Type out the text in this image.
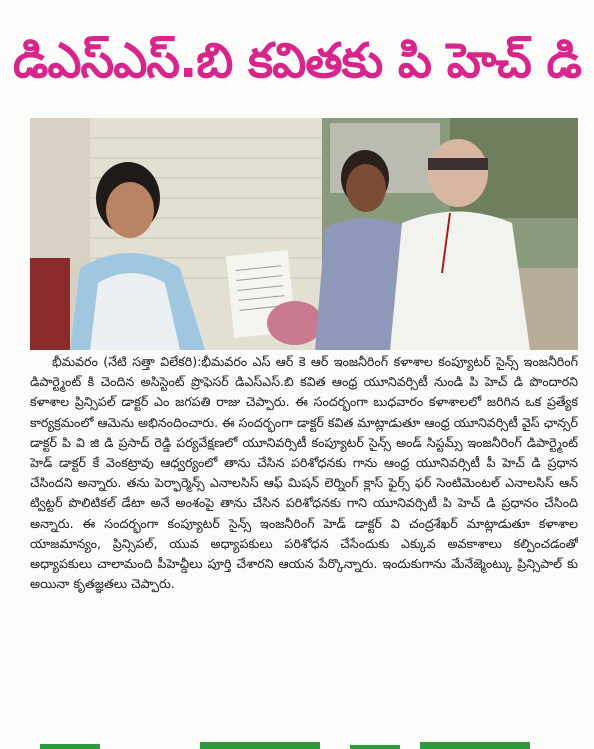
డిఎస్ఎస్.బి కవితకు పి హెచ్ డి

భీమవరం (నేటి సత్తా విలేకరి):భీమవరం ఎస్ ఆర్ కె ఆర్ ఇంజనీరింగ్ కళాశాల కంప్యూటర్ సైన్స్ ఇంజనీరింగ్ డిపార్ట్మెంట్ కి చెందిన అసిస్టెంట్ ప్రొఫెసర్ డిఎస్ఎస్.బి కవిత ఆంధ్ర యూనివర్సిటీ నుండి పి హెచ్ డి పొందారని కళాశాల ప్రిన్సిపల్ డాక్టర్ ఎం జగపతి రాజు చెప్పారు. ఈ సందర్భంగా బుధవారం కళాశాలలో జరిగిన ఒక ప్రత్యేక కార్యక్రమంలో ఆమెను అభినందించారు. ఈ సందర్భంగా డాక్టర్ కవిత మాట్లాడుతూ ఆంధ్ర యూనివర్సిటీ వైస్ ఛాన్సర్ డాక్టర్ పి వి జి డి ప్రసాద్ రెడ్డి పర్యవేక్షణలో యూనివర్సిటీ కంప్యూటర్ సైన్స్ అండ్ సిస్టమ్స్ ఇంజనీరింగ్ డిపార్ట్మెంట్ హెడ్ డాక్టర్ కే వెంకట్రావు ఆధ్వర్యంలో తాను చేసిన పరిశోధనకు గాను ఆంధ్ర యూనివర్సిటీ పీ హెచ్ డి ప్రధాన చేసిందని అన్నారు. తను పెర్ఫార్మెన్స్ ఎనాలసిస్ ఆఫ్ మిషన్ లెర్నింగ్ క్లాస్ ఫైర్స్ ఫర్ సెంటిమెంటల్ ఎనాలసిస్ ఆన్ ట్విట్టర్ పొలిటికల్ డేటా అనే అంశంపై తాను చేసిన పరిశోధనకు గాని యూనివర్సిటీ పి హెచ్ డి ప్రధానం చేసింది అన్నారు. ఈ సందర్భంగా కంప్యూటర్ సైన్స్ ఇంజనీరింగ్ హెడ్ డాక్టర్ వి చంద్రశేఖర్ మాట్లాడుతూ కళాశాల యాజమాన్యం, ప్రిన్సిపల్, యువ అధ్యాపకులు పరిశోధన చేసేందుకు ఎక్కువ అవకాశాలు కల్పించడంతో అధ్యాపకులు చాలామంది పీహెచ్డీలు పూర్తి చేశారని ఆయన పేర్కొన్నారు. ఇందుకుగాను మేనేజ్మెంట్కు ప్రిన్సిపాల్ కు అయినా కృతజ్ఞతలు చెప్పారు.
